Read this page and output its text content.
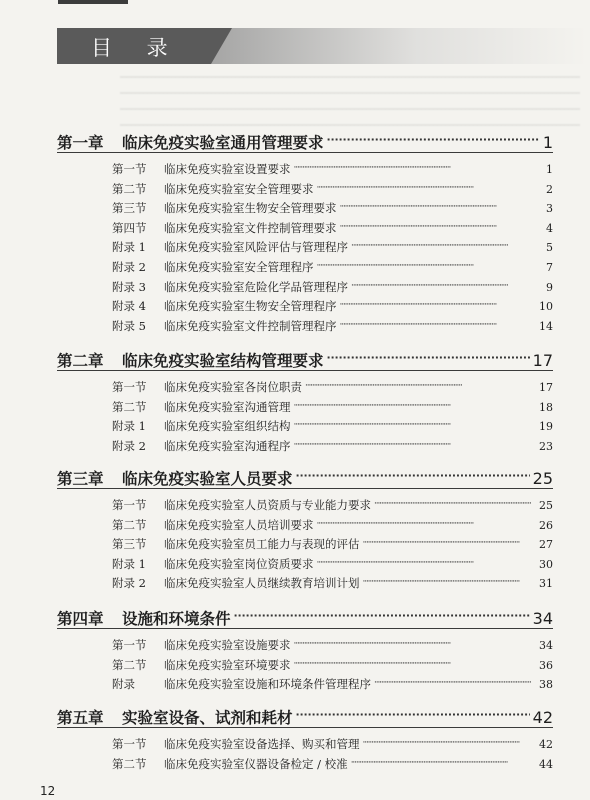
目 录
第一章	临床免疫实验室通用管理要求 · · ·	1
第一节	临床免疫实验室设置要求 · · ·	1
第二节	临床免疫实验室安全管理要求 · · ·	2
第三节	临床免疫实验室生物安全管理要求 · · ·	3
第四节	临床免疫实验室文件控制管理要求 · · ·	4
附录 1	临床免疫实验室风险评估与管理程序 · · ·	5
附录 2	临床免疫实验室安全管理程序 · · ·	7
附录 3	临床免疫实验室危险化学品管理程序 · · ·	9
附录 4	临床免疫实验室生物安全管理程序 · · ·	10
附录 5	临床免疫实验室文件控制管理程序 · · ·	14
第二章	临床免疫实验室结构管理要求 · · ·	17
第一节	临床免疫实验室各岗位职责 · · ·	17
第二节	临床免疫实验室沟通管理 · · ·	18
附录 1	临床免疫实验室组织结构 · · ·	19
附录 2	临床免疫实验室沟通程序 · · ·	23
第三章	临床免疫实验室人员要求 · · ·	25
第一节	临床免疫实验室人员资质与专业能力要求 · · ·	25
第二节	临床免疫实验室人员培训要求 · · ·	26
第三节	临床免疫实验室员工能力与表现的评估 · · ·	27
附录 1	临床免疫实验室岗位资质要求 · · ·	30
附录 2	临床免疫实验室人员继续教育培训计划 · · ·	31
第四章	设施和环境条件 · · ·	34
第一节	临床免疫实验室设施要求 · · ·	34
第二节	临床免疫实验室环境要求 · · ·	36
附录	临床免疫实验室设施和环境条件管理程序 · · ·	38
第五章	实验室设备、试剂和耗材 · · ·	42
第一节	临床免疫实验室设备选择、购买和管理 · · ·	42
第二节	临床免疫实验室仪器设备检定 / 校准 · · ·	44
12
